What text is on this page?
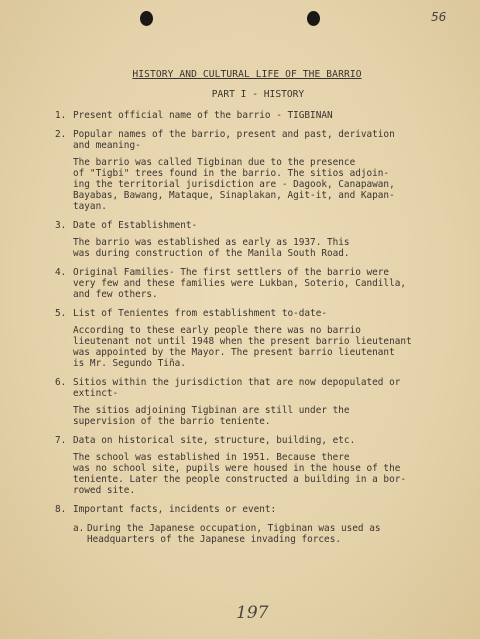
56
HISTORY AND CULTURAL LIFE OF THE BARRIO
PART I - HISTORY
1. Present official name of the barrio - TIGBINAN
2. Popular names of the barrio, present and past, derivation
and meaning-
The barrio was called Tigbinan due to the presence
of "Tigbi" trees found in the barrio. The sitios adjoin-
ing the territorial jurisdiction are - Dagook, Canapawan,
Bayabas, Bawang, Mataque, Sinaplakan, Agit-it, and Kapan-
tayan.
3. Date of Establishment-
The barrio was established as early as 1937. This
was during construction of the Manila South Road.
4. Original Families- The first settlers of the barrio were
very few and these families were Lukban, Soterio, Candilla,
and few others.
5. List of Tenientes from establishment to-date-
According to these early people there was no barrio
lieutenant not until 1948 when the present barrio lieutenant
was appointed by the Mayor. The present barrio lieutenant
is Mr. Segundo Tiña.
6. Sitios within the jurisdiction that are now depopulated or
extinct-
The sitios adjoining Tigbinan are still under the
supervision of the barrio teniente.
7. Data on historical site, structure, building, etc.
The school was established in 1951. Because there
was no school site, pupils were housed in the house of the
teniente. Later the people constructed a building in a bor-
rowed site.
8. Important facts, incidents or event:
a. During the Japanese occupation, Tigbinan was used as
Headquarters of the Japanese invading forces.
197
